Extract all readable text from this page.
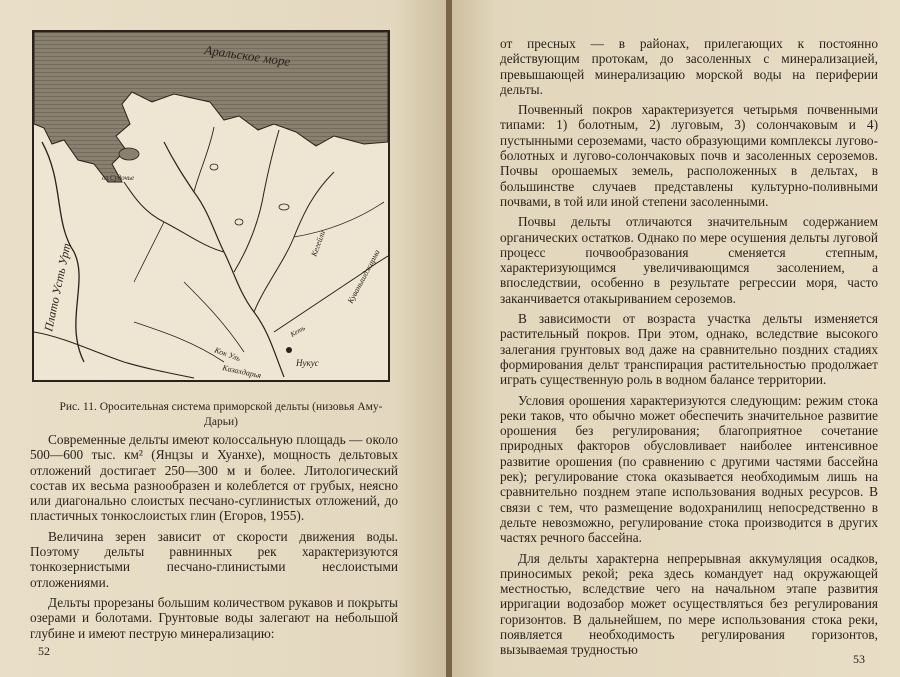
Аральское море
Плато Усть Урт
оз.Судочье
Кегейли
Куванышджарма
Кок Уль
Казахдарья
Нукус
Кеть
Рис. 11. Оросительная система приморской дельты (низовья Аму-Дарьи)

Современные дельты имеют колоссальную площадь — около 500—600 тыс. км² (Янцзы и Хуанхе), мощность дельтовых отложений достигает 250—300 м и более. Литологический состав их весьма разнообразен и колеблется от грубых, неясно или диагонально слоистых песчано-суглинистых отложений, до пластичных тонкослоистых глин (Егоров, 1955).

Величина зерен зависит от скорости движения воды. Поэтому дельты равнинных рек характеризуются тонкозернистыми песчано-глинистыми неслоистыми отложениями.

Дельты прорезаны большим количеством рукавов и покрыты озерами и болотами. Грунтовые воды залегают на небольшой глубине и имеют пеструю минерализацию:

52
53

от пресных — в районах, прилегающих к постоянно действующим протокам, до засоленных с минерализацией, превышающей минерализацию морской воды на периферии дельты.

Почвенный покров характеризуется четырьмя почвенными типами: 1) болотным, 2) луговым, 3) солончаковым и 4) пустынными сероземами, часто образующими комплексы лугово-болотных и лугово-солончаковых почв и засоленных сероземов. Почвы орошаемых земель, расположенных в дельтах, в большинстве случаев представлены культурно-поливными почвами, в той или иной степени засоленными.

Почвы дельты отличаются значительным содержанием органических остатков. Однако по мере осушения дельты луговой процесс почвообразования сменяется степным, характеризующимся увеличивающимся засолением, а впоследствии, особенно в результате регрессии моря, часто заканчивается отакыриванием сероземов.

В зависимости от возраста участка дельты изменяется растительный покров. При этом, однако, вследствие высокого залегания грунтовых вод даже на сравнительно поздних стадиях формирования дельт транспирация растительностью продолжает играть существенную роль в водном балансе территории.

Условия орошения характеризуются следующим: режим стока реки таков, что обычно может обеспечить значительное развитие орошения без регулирования; благоприятное сочетание природных факторов обусловливает наиболее интенсивное развитие орошения (по сравнению с другими частями бассейна рек); регулирование стока оказывается необходимым лишь на сравнительно позднем этапе использования водных ресурсов. В связи с тем, что размещение водохранилищ непосредственно в дельте невозможно, регулирование стока производится в других частях речного бассейна.

Для дельты характерна непрерывная аккумуляция осадков, приносимых рекой; река здесь командует над окружающей местностью, вследствие чего на начальном этапе развития ирригации водозабор может осуществляться без регулирования горизонтов. В дальнейшем, по мере использования стока реки, появляется необходимость регулирования горизонтов, вызываемая трудностью
